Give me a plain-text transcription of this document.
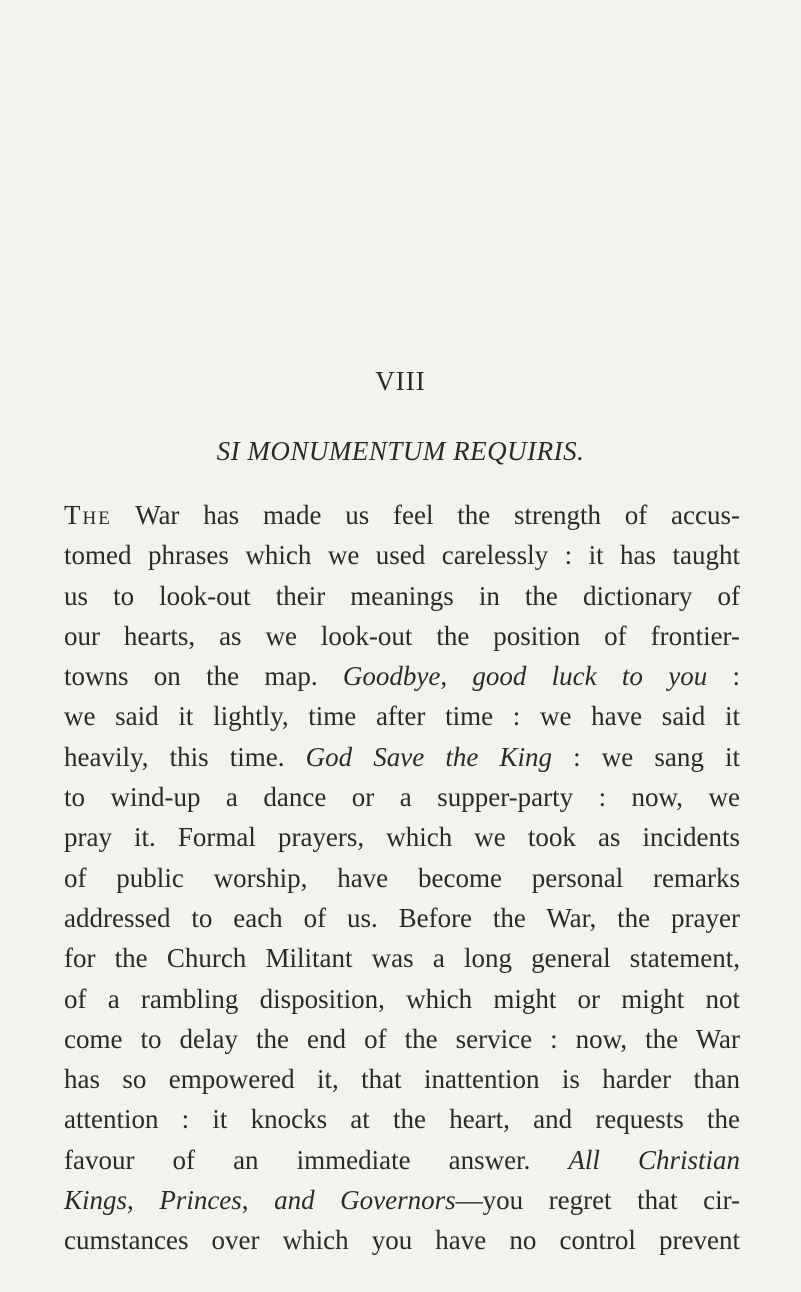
VIII
SI MONUMENTUM REQUIRIS.
The War has made us feel the strength of accus-
tomed phrases which we used carelessly : it has taught
us to look-out their meanings in the dictionary of
our hearts, as we look-out the position of frontier-
towns on the map. Goodbye, good luck to you :
we said it lightly, time after time : we have said it
heavily, this time. God Save the King : we sang it
to wind-up a dance or a supper-party : now, we
pray it. Formal prayers, which we took as incidents
of public worship, have become personal remarks
addressed to each of us. Before the War, the prayer
for the Church Militant was a long general statement,
of a rambling disposition, which might or might not
come to delay the end of the service : now, the War
has so empowered it, that inattention is harder than
attention : it knocks at the heart, and requests the
favour of an immediate answer. All Christian
Kings, Princes, and Governors—you regret that cir-
cumstances over which you have no control prevent
